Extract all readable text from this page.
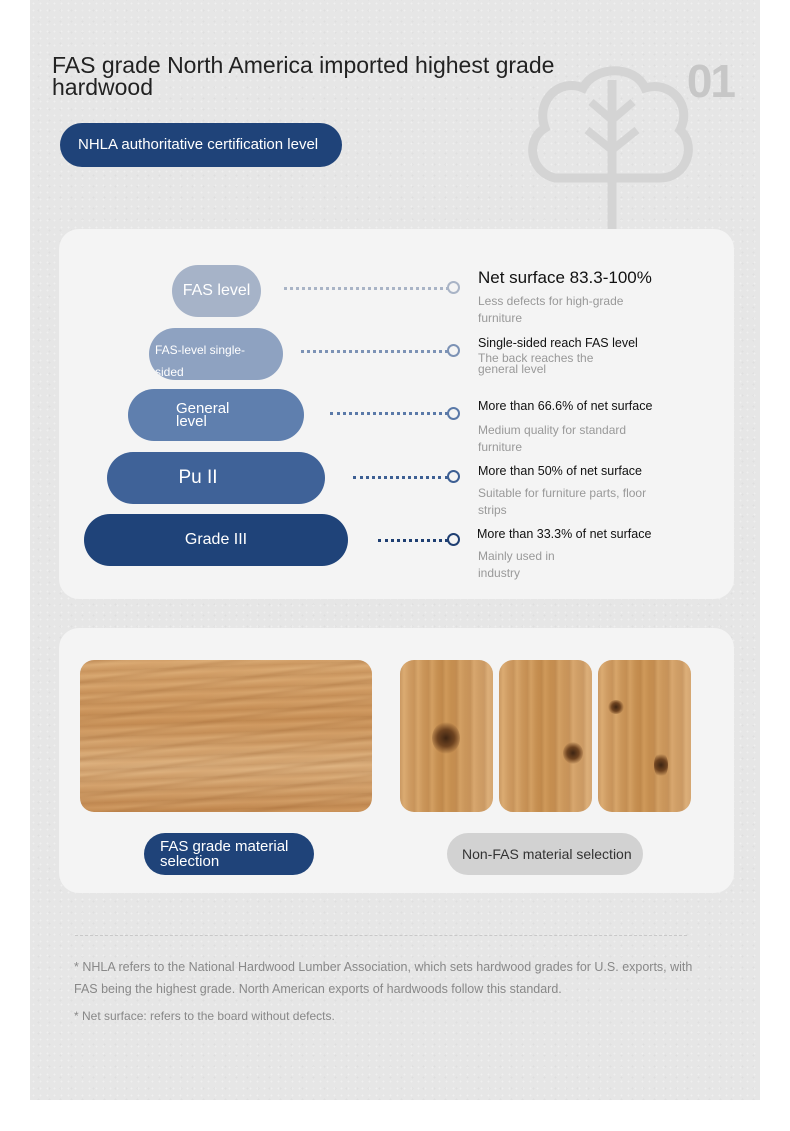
FAS grade North America imported highest grade hardwood	01
NHLA authoritative certification level
FAS level
Net surface 83.3-100%
Less defects for high-grade furniture
FAS-level single-sided
Single-sided reach FAS level
The back reaches the general level
General level
More than 66.6% of net surface
Medium quality for standard furniture
Pu II	More than 50% of net surface
Suitable for furniture parts, floor strips
Grade III	More than 33.3% of net surface
Mainly used in industry
FAS grade material selection	Non-FAS material selection
* NHLA refers to the National Hardwood Lumber Association, which sets hardwood grades for U.S. exports, with FAS being the highest grade. North American exports of hardwoods follow this standard.
* Net surface: refers to the board without defects.
